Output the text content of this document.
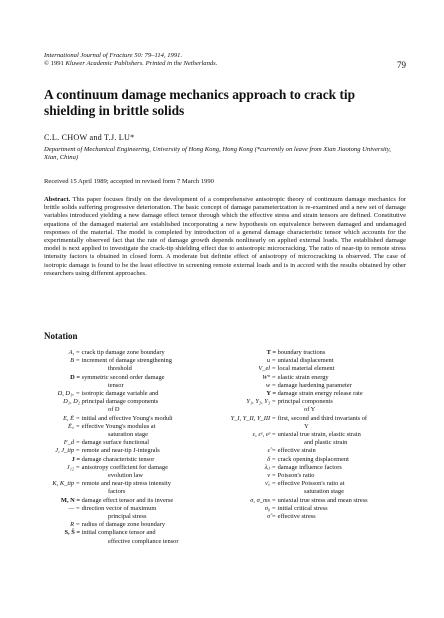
International Journal of Fracture 50: 79–114, 1991.
© 1991 Kluwer Academic Publishers. Printed in the Netherlands.	79
A continuum damage mechanics approach to crack tip shielding in brittle solids
C.L. CHOW and T.J. LU*
Department of Mechanical Engineering, University of Hong Kong, Hong Kong (*currently on leave from Xian Jiaotong University, Xian, China)
Received 15 April 1989; accepted in revised form 7 March 1990

Abstract. This paper focuses firstly on the development of a comprehensive anisotropic theory of continuum damage mechanics for brittle solids suffering progressive deterioration. The basic concept of damage parameterization is re-examined and a new set of damage variables introduced yielding a new damage effect tensor through which the effective stress and strain tensors are defined. Constitutive equations of the damaged material are established incorporating a new hypothesis on equivalence between damaged and undamaged responses of the material. The model is completed by introduction of a general damage characteristic tensor which accounts for the experimentally observed fact that the rate of damage growth depends nonlinearly on applied external loads. The established damage model is next applied to investigate the crack-tip shielding effect due to anisotropic microcracking. The ratio of near-tip to remote stress intensity factors is obtained in closed form. A moderate but definite effect of anisotropy of microcracking is observed. The case of isotropic damage is found to be the least effective in screening remote external loads and is in accord with the results obtained by other researchers using different approaches.

Notation
A, =
crack tip damage zone boundary
B =
increment of damage strengthening
threshold
D =
symmetric second order damage
tensor
D, D₁ₓ =
isotropic damage variable and
D₁, D₂
principal damage components
of D
E, Ē =
initial and effective Young's moduli
Ē꜀ =
effective Young's modulus at
saturation stage
F_d =
damage surface functional
J, J_tip =
remote and near-tip J-integrals
J =
damage characteristic tensor
J₁₂ =
anisotropy coefficient for damage
evolution law
K, K_tip =
remote and near-tip stress intensity
factors
M, N =
damage effect tensor and its inverse
— =
direction vector of maximum
principal stress
R =
radius of damage zone boundary
S, Ŝ =
initial compliance tensor and
effective compliance tensor
T =
boundary tractions
u =
uniaxial displacement
V_el =
local material element
W° =
elastic strain energy
w =
damage hardening parameter
Y =
damage strain energy release rate
Y₁, Y₂, Y₃ =
principal components
of Y
Y_I, Y_II, Y_III =
first, second and third invariants of
Y
ε, εᵉ, εᵖ =
uniaxial true strain, elastic strain
and plastic strain
ε̃ =
effective strain
δ =
crack opening displacement
λᵢⱼ =
damage influence factors
ν =
Poisson's ratio
ν̄꜀ =
effective Poisson's ratio at
saturation stage
σ, σ_ms =
uniaxial true stress and mean stress
σ₀ =
initial critical stress
σ̃ =
effective stress
